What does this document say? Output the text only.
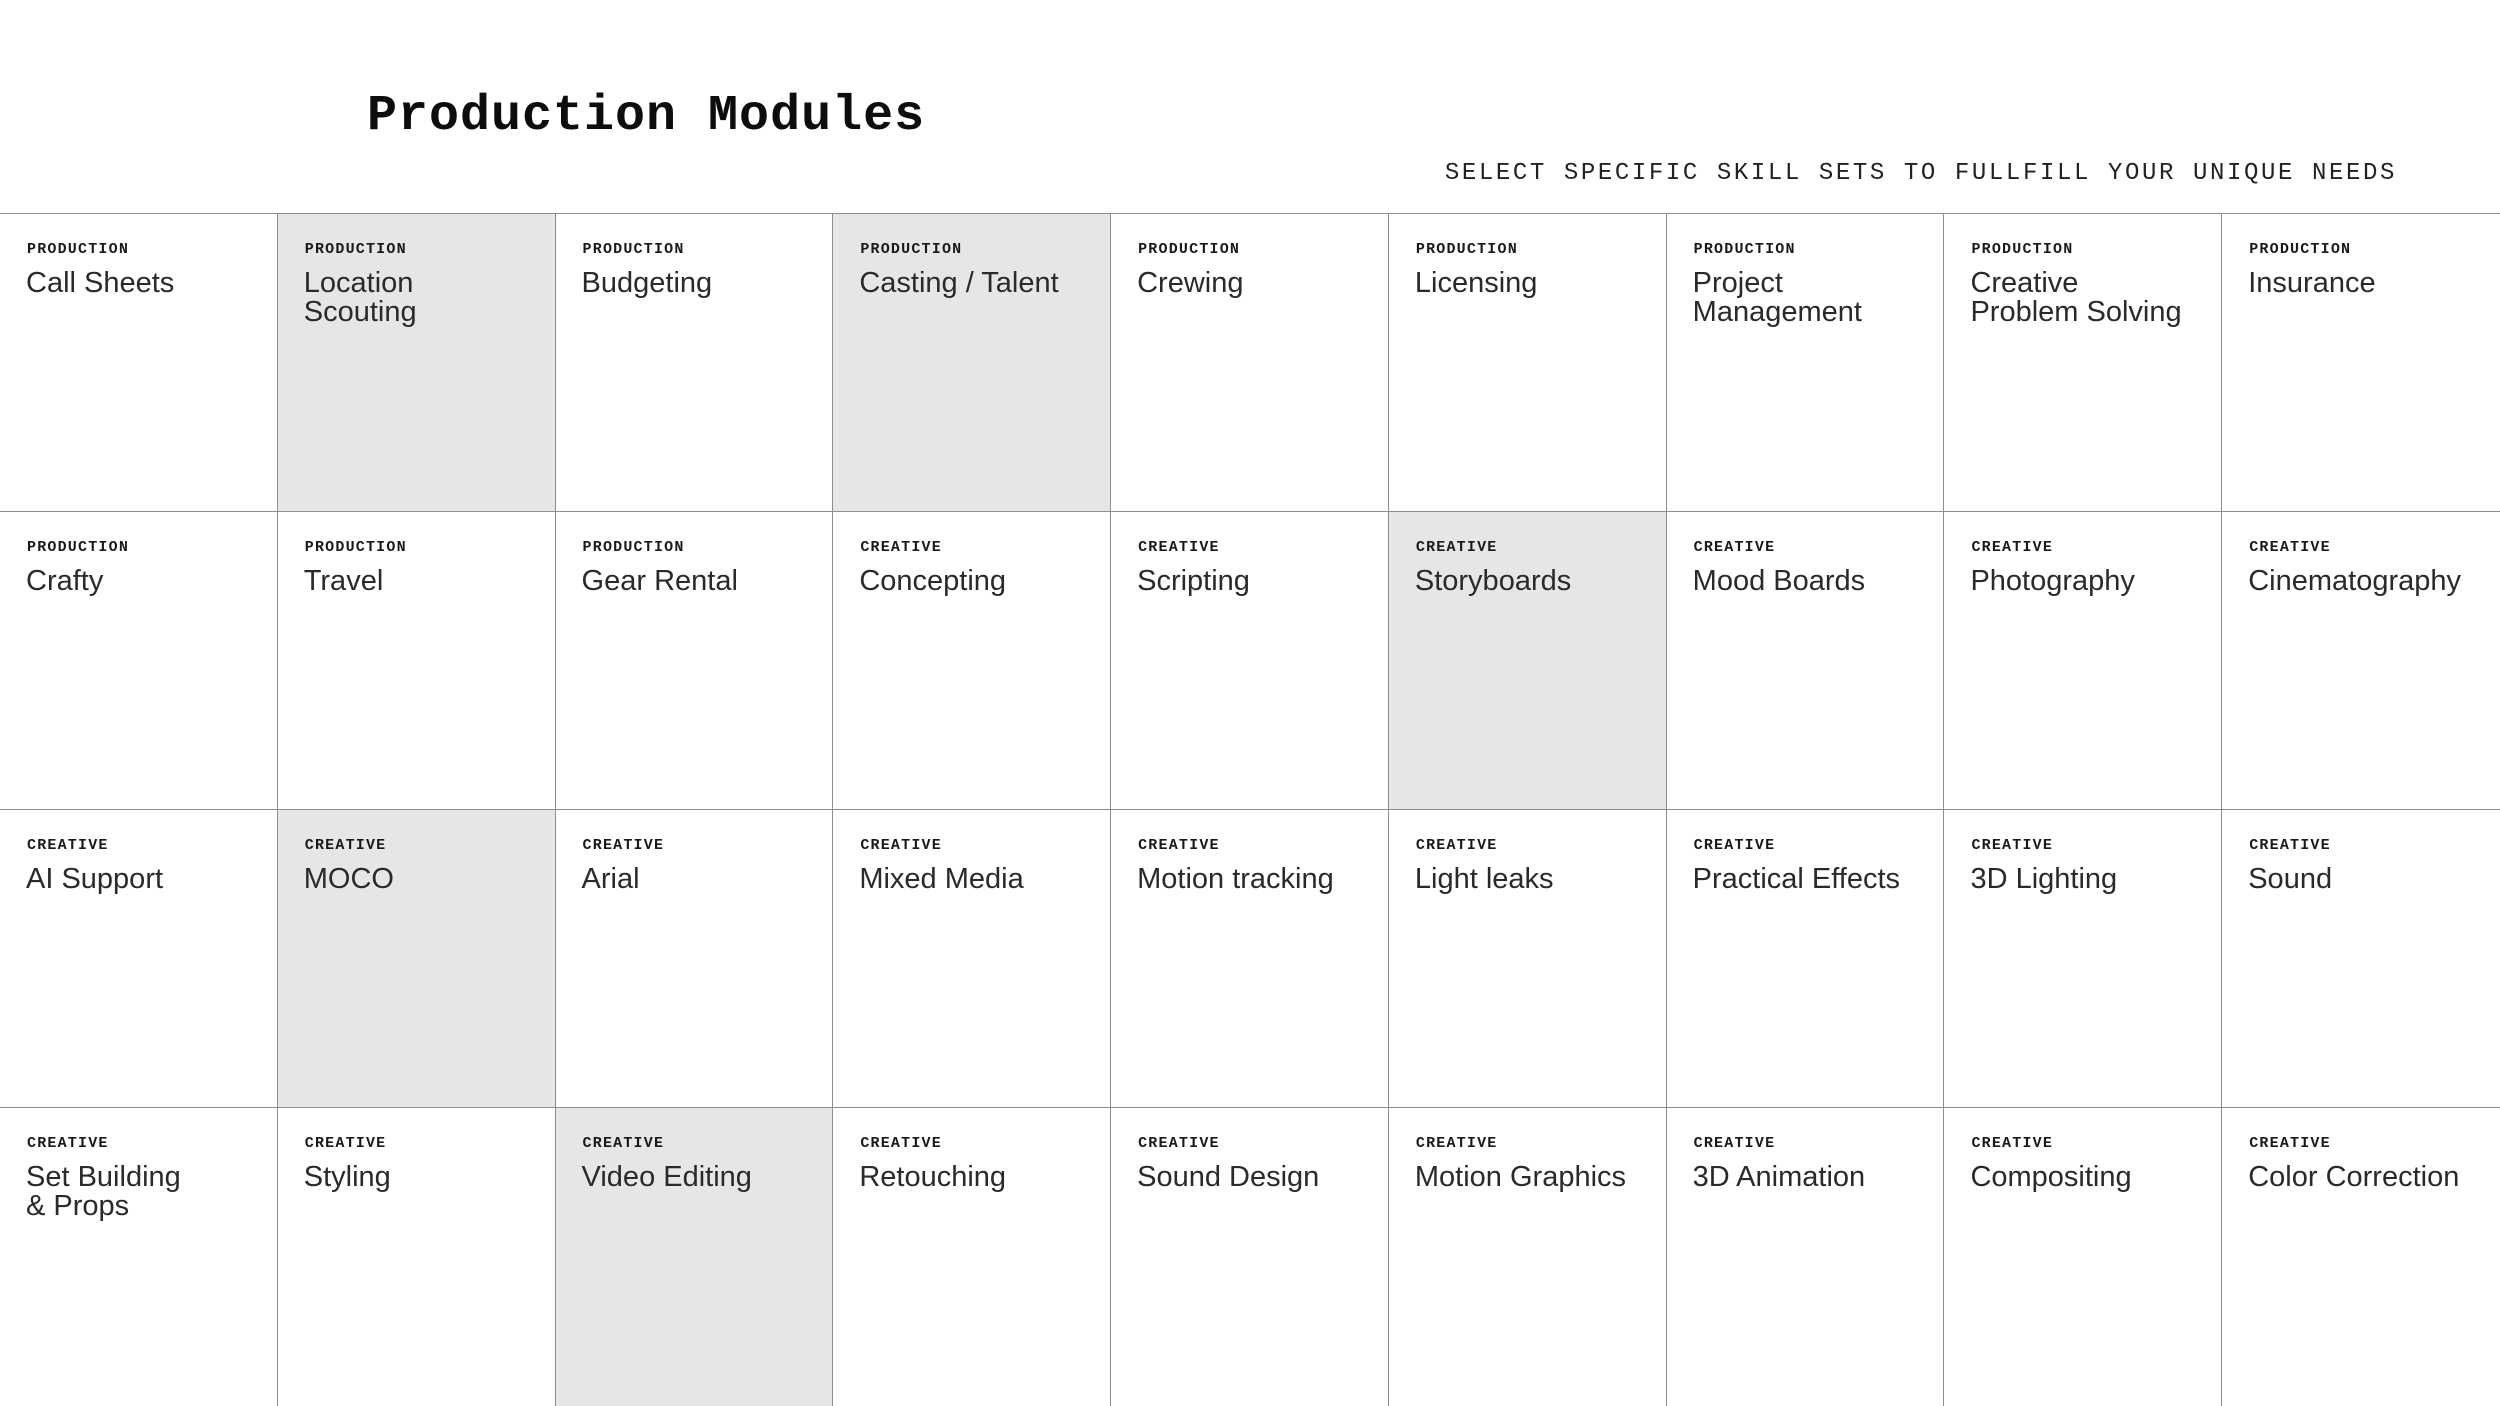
Production Modules

SELECT SPECIFIC SKILL SETS TO FULLFILL YOUR UNIQUE NEEDS

PRODUCTION
Call Sheets
PRODUCTION
Location
Scouting
PRODUCTION
Budgeting
PRODUCTION
Casting / Talent
PRODUCTION
Crewing
PRODUCTION
Licensing
PRODUCTION
Project
Management
PRODUCTION
Creative
Problem Solving
PRODUCTION
Insurance
PRODUCTION
Crafty
PRODUCTION
Travel
PRODUCTION
Gear Rental
CREATIVE
Concepting
CREATIVE
Scripting
CREATIVE
Storyboards
CREATIVE
Mood Boards
CREATIVE
Photography
CREATIVE
Cinematography
CREATIVE
AI Support
CREATIVE
MOCO
CREATIVE
Arial
CREATIVE
Mixed Media
CREATIVE
Motion tracking
CREATIVE
Light leaks
CREATIVE
Practical Effects
CREATIVE
3D Lighting
CREATIVE
Sound
CREATIVE
Set Building
& Props
CREATIVE
Styling
CREATIVE
Video Editing
CREATIVE
Retouching
CREATIVE
Sound Design
CREATIVE
Motion Graphics
CREATIVE
3D Animation
CREATIVE
Compositing
CREATIVE
Color Correction
